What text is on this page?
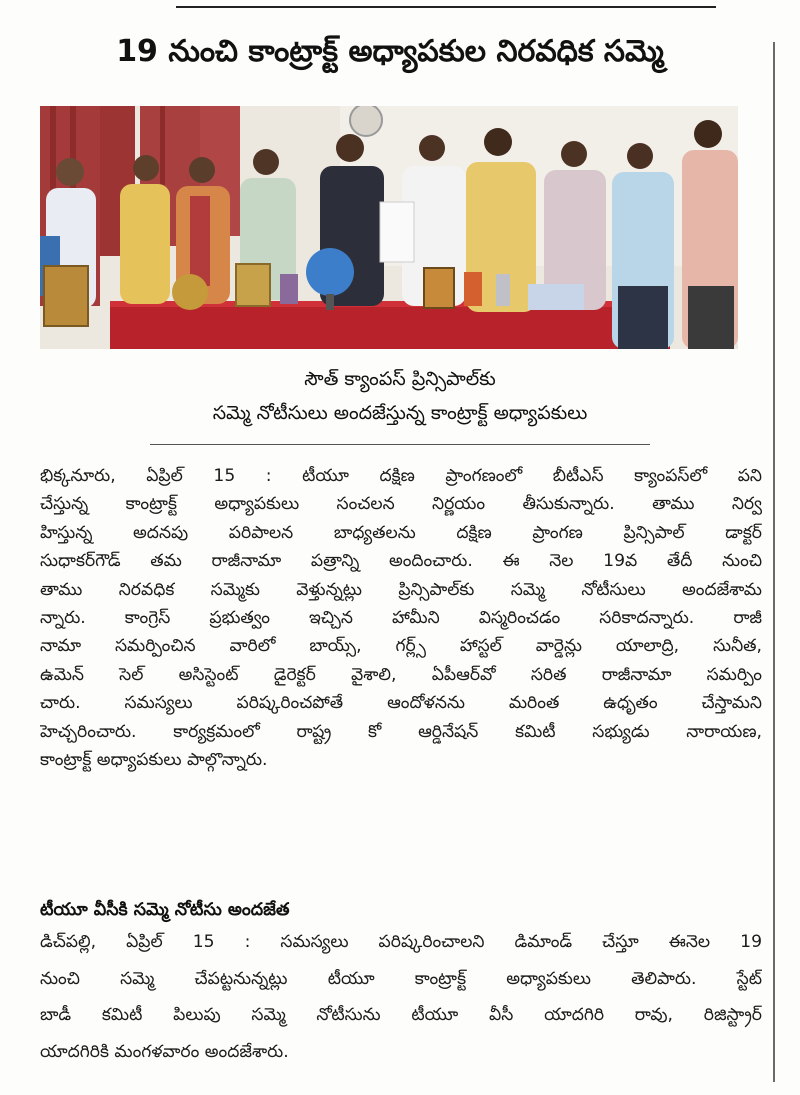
19 నుంచి కాంట్రాక్ట్ అధ్యాపకుల నిరవధిక సమ్మె
సౌత్ క్యాంపస్ ప్రిన్సిపాల్‌కు
సమ్మె నోటీసులు అందజేస్తున్న కాంట్రాక్ట్ అధ్యాపకులు
భిక్కనూరు, ఏప్రిల్ 15 : టీయూ దక్షిణ ప్రాంగణంలో బీటీఎస్ క్యాంపస్‌లో పని
చేస్తున్న కాంట్రాక్ట్ అధ్యాపకులు సంచలన నిర్ణయం తీసుకున్నారు. తాము నిర్వ
హిస్తున్న అదనపు పరిపాలన బాధ్యతలను దక్షిణ ప్రాంగణ ప్రిన్సిపాల్ డాక్టర్
సుధాకర్‌గౌడ్ తమ రాజీనామా పత్రాన్ని అందించారు. ఈ నెల 19వ తేదీ నుంచి
తాము నిరవధిక సమ్మెకు వెళ్తున్నట్లు ప్రిన్సిపాల్‌కు సమ్మె నోటీసులు అందజేశామ
న్నారు. కాంగ్రెస్ ప్రభుత్వం ఇచ్చిన హామీని విస్మరించడం సరికాదన్నారు. రాజీ
నామా సమర్పించిన వారిలో బాయ్స్, గర్ల్స్ హాస్టల్ వార్డెన్లు యాలాద్రి, సునీత,
ఉమెన్ సెల్ అసిస్టెంట్ డైరెక్టర్ వైశాలి, ఏపీఆర్‌వో సరిత రాజీనామా సమర్పిం
చారు. సమస్యలు పరిష్కరించపోతే ఆందోళనను మరింత ఉధృతం చేస్తామని
హెచ్చరించారు. కార్యక్రమంలో రాష్ట్ర కో ఆర్డినేషన్ కమిటీ సభ్యుడు నారాయణ,
కాంట్రాక్ట్ అధ్యాపకులు పాల్గొన్నారు.
టీయూ వీసీకి సమ్మె నోటీసు అందజేత
డిచ్‌పల్లి, ఏప్రిల్ 15 : సమస్యలు పరిష్కరించాలని డిమాండ్ చేస్తూ ఈనెల 19
నుంచి సమ్మె చేపట్టనున్నట్లు టీయూ కాంట్రాక్ట్ అధ్యాపకులు తెలిపారు. స్టేట్
బాడీ కమిటీ పిలుపు సమ్మె నోటీసును టీయూ వీసీ యాదగిరి రావు, రిజిస్ట్రార్
యాదగిరికి మంగళవారం అందజేశారు.
